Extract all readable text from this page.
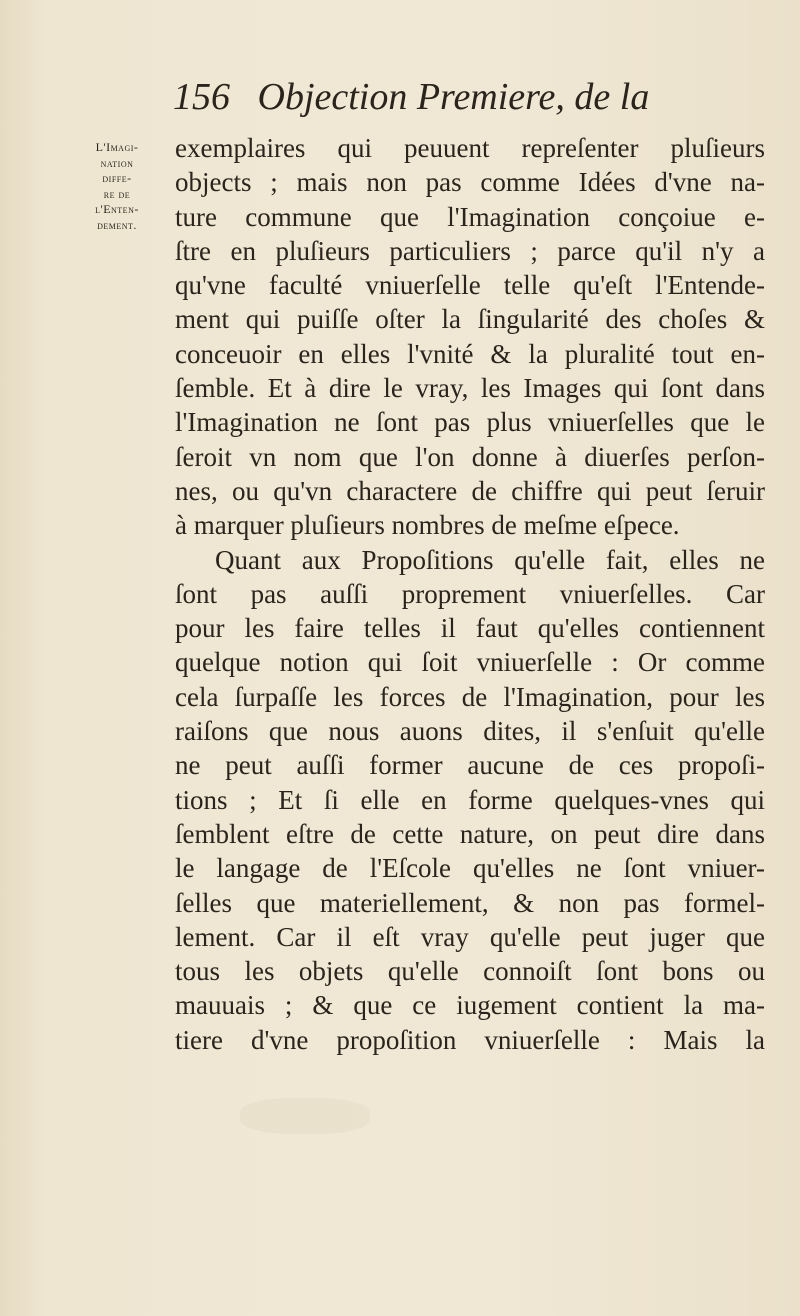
156 Objection Premiere, de la
L'Imagi-
nation
diffe-
re de
l'Enten-
dement.
exemplaires qui peuuent repreſenter pluſieurs
objects ; mais non pas comme Idées d'vne na-
ture commune que l'Imagination conçoiue e-
ſtre en pluſieurs particuliers ; parce qu'il n'y a
qu'vne faculté vniuerſelle telle qu'eſt l'Entende-
ment qui puiſſe oſter la ſingularité des choſes &
conceuoir en elles l'vnité & la pluralité tout en-
ſemble. Et à dire le vray, les Images qui ſont dans
l'Imagination ne ſont pas plus vniuerſelles que le
ſeroit vn nom que l'on donne à diuerſes perſon-
nes, ou qu'vn charactere de chiffre qui peut ſeruir
à marquer pluſieurs nombres de meſme eſpece.
Quant aux Propoſitions qu'elle fait, elles ne
ſont pas auſſi proprement vniuerſelles. Car
pour les faire telles il faut qu'elles contiennent
quelque notion qui ſoit vniuerſelle : Or comme
cela ſurpaſſe les forces de l'Imagination, pour les
raiſons que nous auons dites, il s'enſuit qu'elle
ne peut auſſi former aucune de ces propoſi-
tions ; Et ſi elle en forme quelques-vnes qui
ſemblent eſtre de cette nature, on peut dire dans
le langage de l'Eſcole qu'elles ne ſont vniuer-
ſelles que materiellement, & non pas formel-
lement. Car il eſt vray qu'elle peut juger que
tous les objets qu'elle connoiſt ſont bons ou
mauuais ; & que ce iugement contient la ma-
tiere d'vne propoſition vniuerſelle : Mais la
